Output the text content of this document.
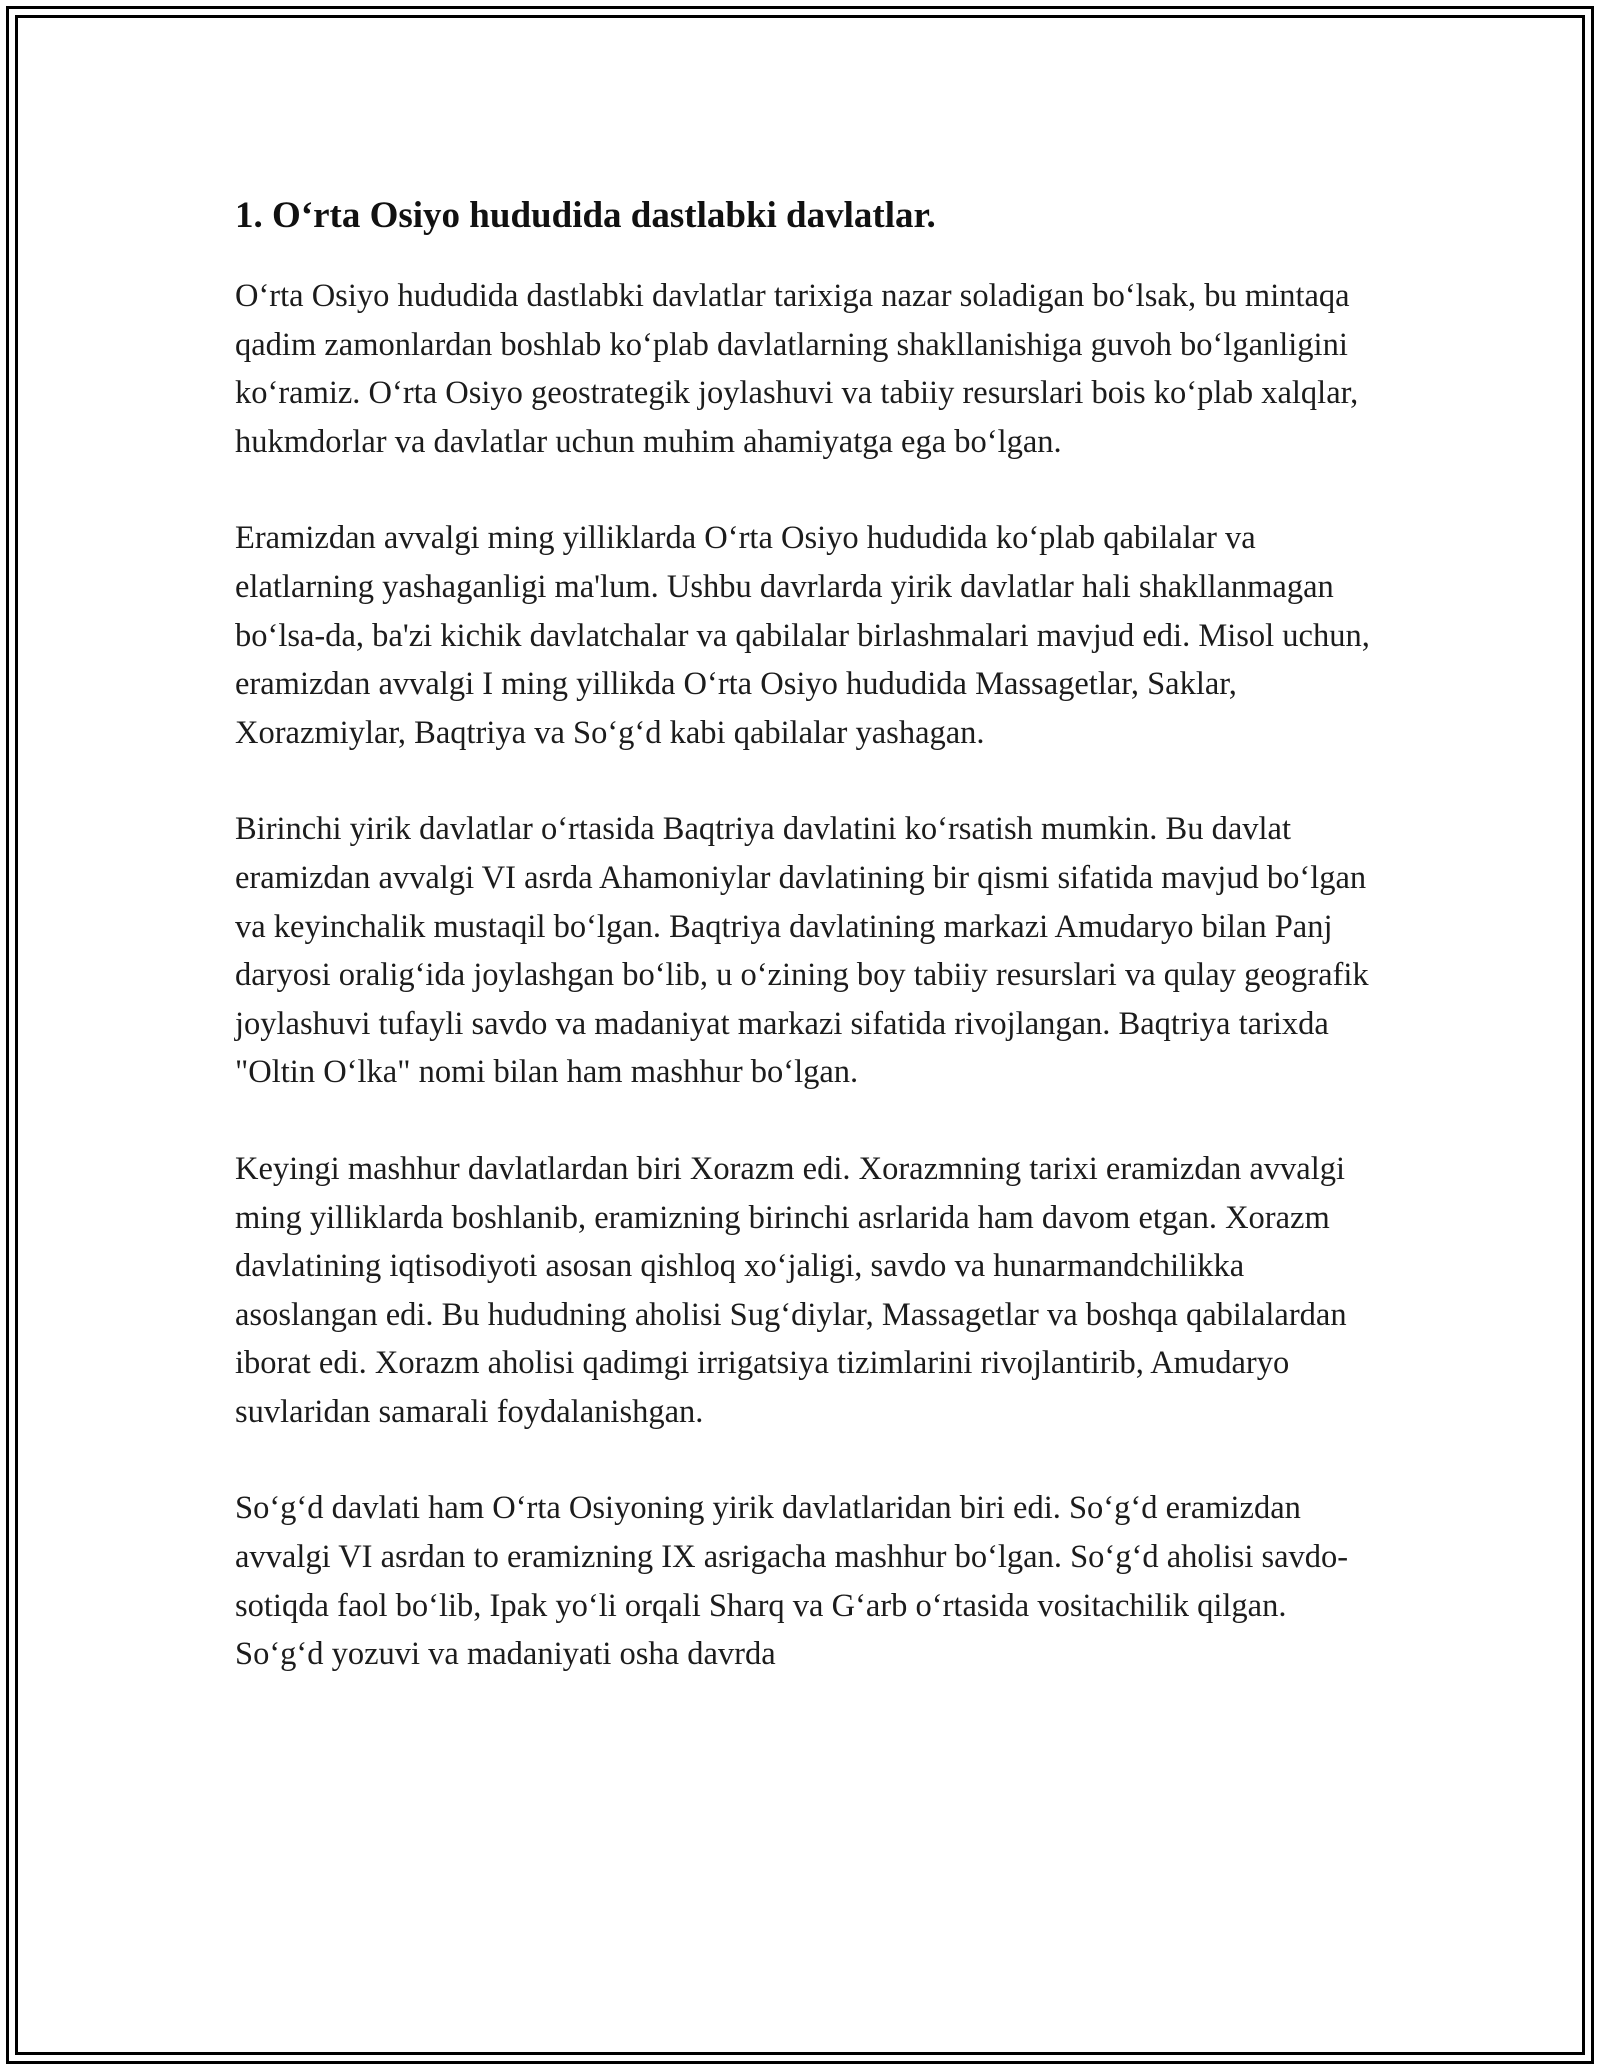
1. O‘rta Osiyo hududida dastlabki davlatlar.

O‘rta Osiyo hududida dastlabki davlatlar tarixiga nazar soladigan bo‘lsak, bu mintaqa qadim zamonlardan boshlab ko‘plab davlatlarning shakllanishiga guvoh bo‘lganligini ko‘ramiz. O‘rta Osiyo geostrategik joylashuvi va tabiiy resurslari bois ko‘plab xalqlar, hukmdorlar va davlatlar uchun muhim ahamiyatga ega bo‘lgan.

Eramizdan avvalgi ming yilliklarda O‘rta Osiyo hududida ko‘plab qabilalar va elatlarning yashaganligi ma'lum. Ushbu davrlarda yirik davlatlar hali shakllanmagan bo‘lsa-da, ba'zi kichik davlatchalar va qabilalar birlashmalari mavjud edi. Misol uchun, eramizdan avvalgi I ming yillikda O‘rta Osiyo hududida Massagetlar, Saklar, Xorazmiylar, Baqtriya va So‘g‘d kabi qabilalar yashagan.

Birinchi yirik davlatlar o‘rtasida Baqtriya davlatini ko‘rsatish mumkin. Bu davlat eramizdan avvalgi VI asrda Ahamoniylar davlatining bir qismi sifatida mavjud bo‘lgan va keyinchalik mustaqil bo‘lgan. Baqtriya davlatining markazi Amudaryo bilan Panj daryosi oralig‘ida joylashgan bo‘lib, u o‘zining boy tabiiy resurslari va qulay geografik joylashuvi tufayli savdo va madaniyat markazi sifatida rivojlangan. Baqtriya tarixda "Oltin O‘lka" nomi bilan ham mashhur bo‘lgan.

Keyingi mashhur davlatlardan biri Xorazm edi. Xorazmning tarixi eramizdan avvalgi ming yilliklarda boshlanib, eramizning birinchi asrlarida ham davom etgan. Xorazm davlatining iqtisodiyoti asosan qishloq xo‘jaligi, savdo va hunarmandchilikka asoslangan edi. Bu hududning aholisi Sug‘diylar, Massagetlar va boshqa qabilalardan iborat edi. Xorazm aholisi qadimgi irrigatsiya tizimlarini rivojlantirib, Amudaryo suvlaridan samarali foydalanishgan.

So‘g‘d davlati ham O‘rta Osiyoning yirik davlatlaridan biri edi. So‘g‘d eramizdan avvalgi VI asrdan to eramizning IX asrigacha mashhur bo‘lgan. So‘g‘d aholisi savdo-sotiqda faol bo‘lib, Ipak yo‘li orqali Sharq va G‘arb o‘rtasida vositachilik qilgan. So‘g‘d yozuvi va madaniyati osha davrda
